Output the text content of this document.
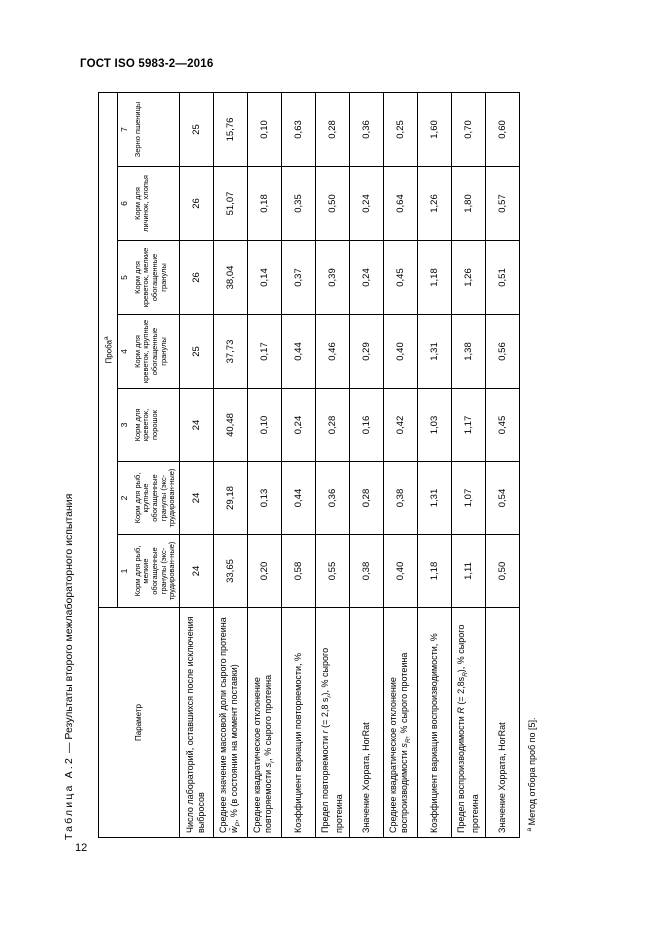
ГОСТ ISO 5983-2—2016
Таблица А.2 — Результаты второго межлабораторного испытания	Параметр	Проба$^а$

	1 Корм для рыб, мелкие обогащенные гранулы (экс-трудирован-ные)	2 Корм для рыб, крупные обогащенные гранулы (экс-трудирован-ные)	3 Корм для креветок, порошок	4 Корм для креветок, крупные обогащенные гранулы	5 Корм для креветок, мелкие обогащенные гранулы	6 Корм для личинок, хлопья	7 Зерно пшеницы
Число лабораторий, оставшихся после исключения выбросов	24	24	24	25	26	26	25
Среднее значение массовой доли сырого протеина $w̄_P$, % (в состоянии на момент поставки)	33,65	29,18	40,48	37,73	38,04	51,07	15,76
Среднее квадратическое отклонение повторяемости $s_r$, % сырого протеина	0,20	0,13	0,10	0,17	0,14	0,18	0,10
Коэффициент вариации повторяемости, %	0,58	0,44	0,24	0,44	0,37	0,35	0,63
Предел повторяемости r (= 2,8 $s_r$), % сырого протеина	0,55	0,36	0,28	0,46	0,39	0,50	0,28
Значение Хоррата, HorRat	0,38	0,28	0,16	0,29	0,24	0,24	0,36
Среднее квадратическое отклонение воспроизводимости $s_R$, % сырого протеина	0,40	0,38	0,42	0,40	0,45	0,64	0,25
Коэффициент вариации воспроизводимости, %	1,18	1,31	1,03	1,31	1,18	1,26	1,60
Предел воспроизводимости R (= $2,8s_R$), % сырого протеина	1,11	1,07	1,17	1,38	1,26	1,80	0,70
Значение Хоррата, HorRat	0,50	0,54	0,45	0,56	0,51	0,57	0,60
$^а$ Метод отбора проб по [5].							
12
